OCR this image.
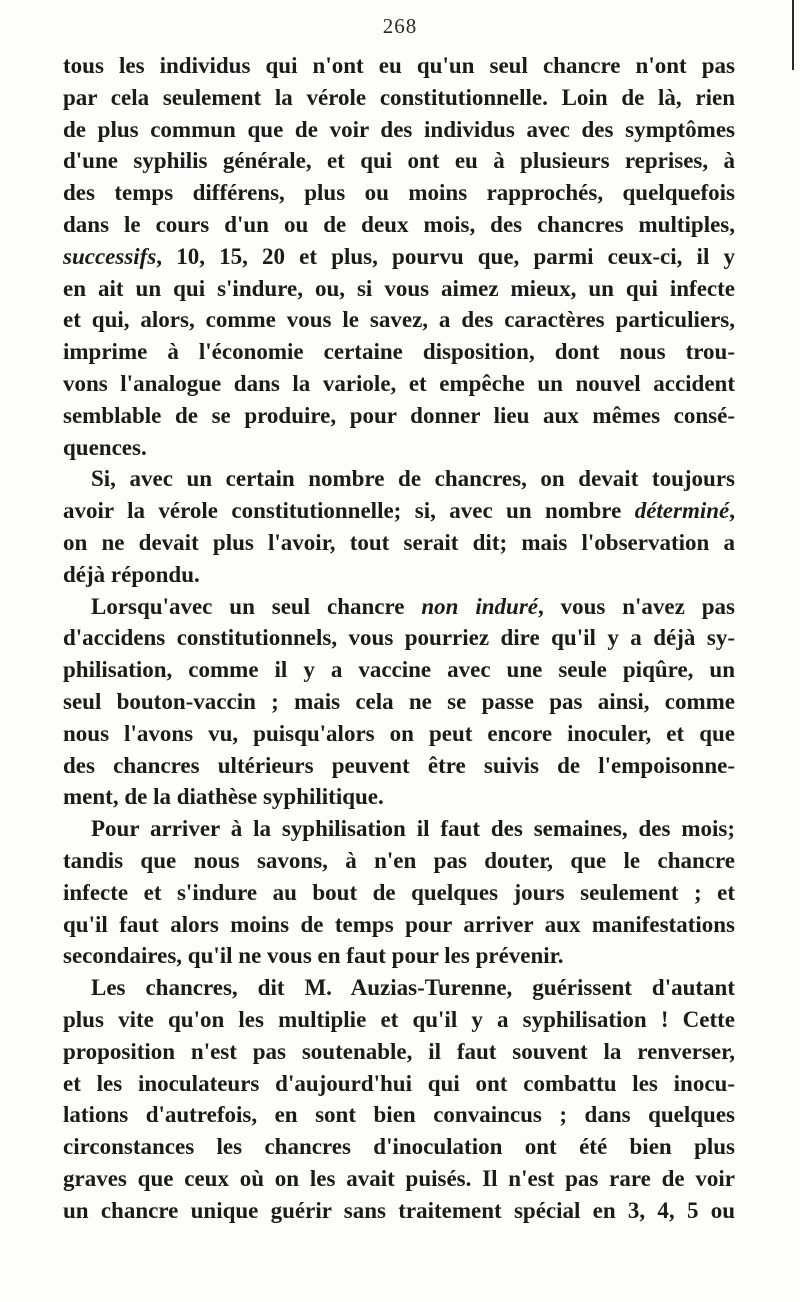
268
tous les individus qui n'ont eu qu'un seul chancre n'ont pas
par cela seulement la vérole constitutionnelle. Loin de là, rien
de plus commun que de voir des individus avec des symptômes
d'une syphilis générale, et qui ont eu à plusieurs reprises, à
des temps différens, plus ou moins rapprochés, quelquefois
dans le cours d'un ou de deux mois, des chancres multiples,
successifs, 10, 15, 20 et plus, pourvu que, parmi ceux-ci, il y
en ait un qui s'indure, ou, si vous aimez mieux, un qui infecte
et qui, alors, comme vous le savez, a des caractères particuliers,
imprime à l'économie certaine disposition, dont nous trou-
vons l'analogue dans la variole, et empêche un nouvel accident
semblable de se produire, pour donner lieu aux mêmes consé-
quences.
Si, avec un certain nombre de chancres, on devait toujours
avoir la vérole constitutionnelle; si, avec un nombre déterminé,
on ne devait plus l'avoir, tout serait dit; mais l'observation a
déjà répondu.
Lorsqu'avec un seul chancre non induré, vous n'avez pas
d'accidens constitutionnels, vous pourriez dire qu'il y a déjà sy-
philisation, comme il y a vaccine avec une seule piqûre, un
seul bouton-vaccin ; mais cela ne se passe pas ainsi, comme
nous l'avons vu, puisqu'alors on peut encore inoculer, et que
des chancres ultérieurs peuvent être suivis de l'empoisonne-
ment, de la diathèse syphilitique.
Pour arriver à la syphilisation il faut des semaines, des mois;
tandis que nous savons, à n'en pas douter, que le chancre
infecte et s'indure au bout de quelques jours seulement ; et
qu'il faut alors moins de temps pour arriver aux manifestations
secondaires, qu'il ne vous en faut pour les prévenir.
Les chancres, dit M. Auzias-Turenne, guérissent d'autant
plus vite qu'on les multiplie et qu'il y a syphilisation ! Cette
proposition n'est pas soutenable, il faut souvent la renverser,
et les inoculateurs d'aujourd'hui qui ont combattu les inocu-
lations d'autrefois, en sont bien convaincus ; dans quelques
circonstances les chancres d'inoculation ont été bien plus
graves que ceux où on les avait puisés. Il n'est pas rare de voir
un chancre unique guérir sans traitement spécial en 3, 4, 5 ou
